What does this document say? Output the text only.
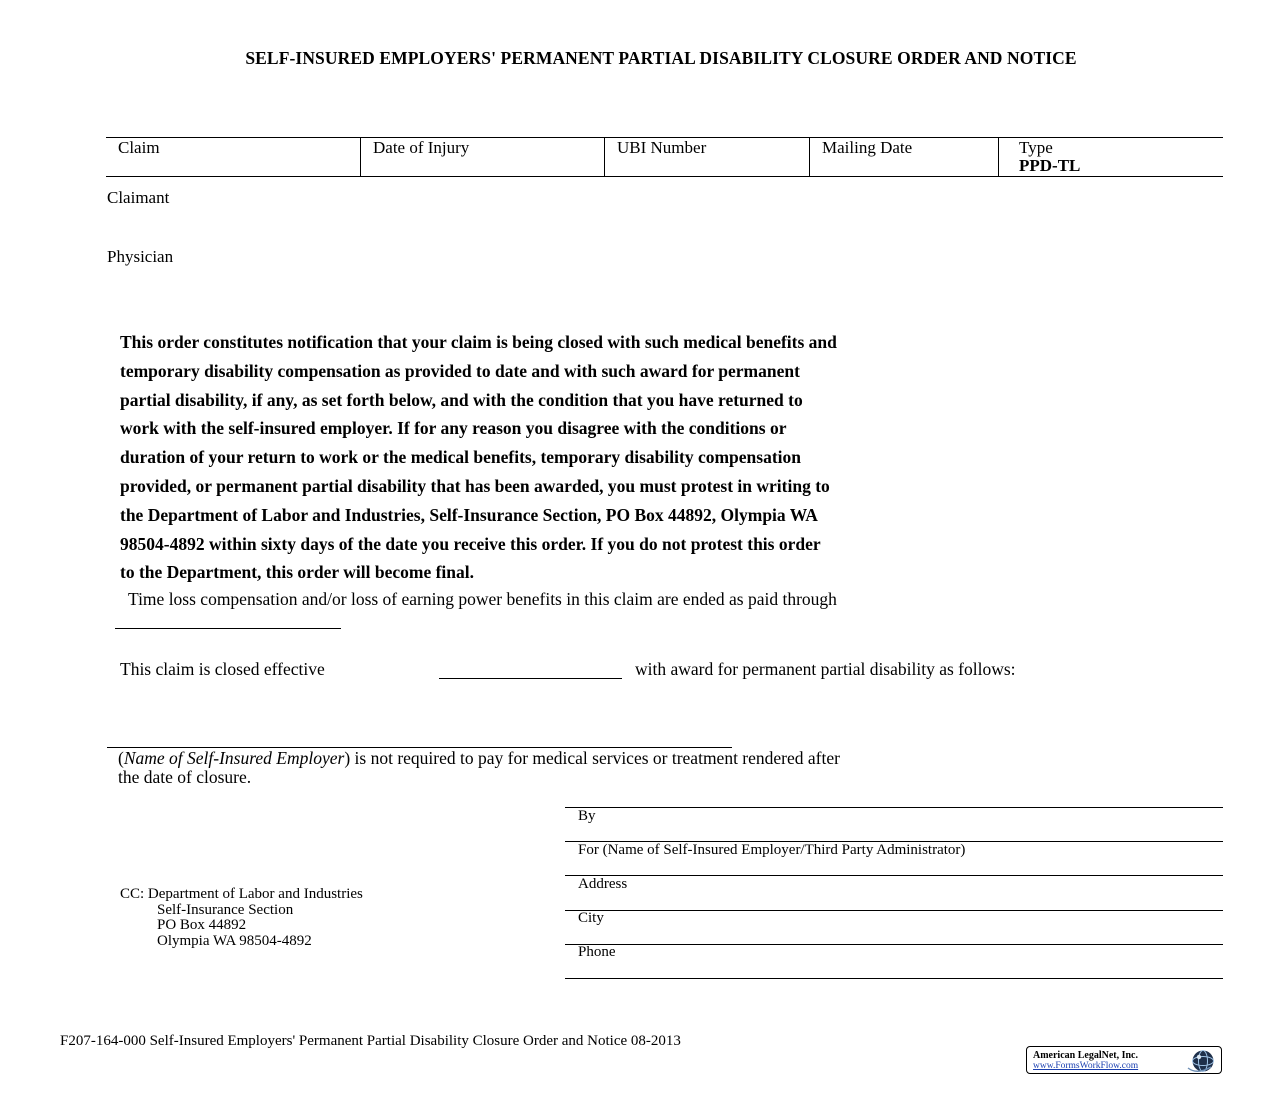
SELF-INSURED EMPLOYERS' PERMANENT PARTIAL DISABILITY CLOSURE ORDER AND NOTICE
Claim	Date of Injury	UBI Number	Mailing Date	Type
PPD-TL
Claimant
Physician
This order constitutes notification that your claim is being closed with such medical benefits and
temporary disability compensation as provided to date and with such award for permanent
partial disability, if any, as set forth below, and with the condition that you have returned to
work with the self-insured employer. If for any reason you disagree with the conditions or
duration of your return to work or the medical benefits, temporary disability compensation
provided, or permanent partial disability that has been awarded, you must protest in writing to
the Department of Labor and Industries, Self-Insurance Section, PO Box 44892, Olympia WA
98504-4892 within sixty days of the date you receive this order. If you do not protest this order
to the Department, this order will become final.
Time loss compensation and/or loss of earning power benefits in this claim are ended as paid through
This claim is closed effective	with award for permanent partial disability as follows:
(Name of Self-Insured Employer) is not required to pay for medical services or treatment rendered after
the date of closure.
By
For (Name of Self-Insured Employer/Third Party Administrator)
Address
City
Phone
CC: Department of Labor and Industries
Self-Insurance Section
PO Box 44892
Olympia WA 98504-4892
F207-164-000 Self-Insured Employers' Permanent Partial Disability Closure Order and Notice 08-2013
American LegalNet, Inc.
www.FormsWorkFlow.com
